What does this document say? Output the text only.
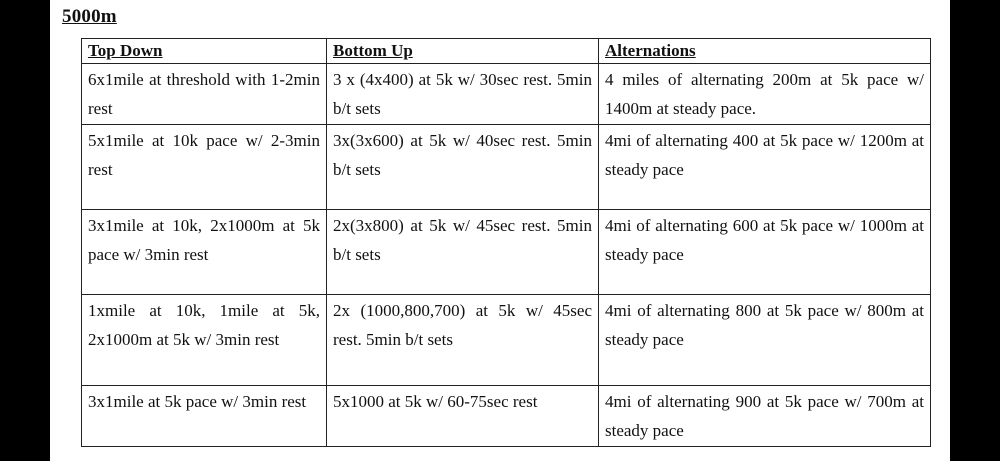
5000m
Top Down	Bottom Up	Alternations
6x1mile at threshold with 1-2min rest	3 x (4x400) at 5k w/ 30sec rest. 5min b/t sets	4 miles of alternating 200m at 5k pace w/ 1400m at steady pace.
5x1mile at 10k pace w/ 2-3min rest	3x(3x600) at 5k w/ 40sec rest. 5min b/t sets	4mi of alternating 400 at 5k pace w/ 1200m at steady pace
3x1mile at 10k, 2x1000m at 5k pace w/ 3min rest	2x(3x800) at 5k w/ 45sec rest. 5min b/t sets	4mi of alternating 600 at 5k pace w/ 1000m at steady pace
1xmile at 10k, 1mile at 5k, 2x1000m at 5k w/ 3min rest	2x (1000,800,700) at 5k w/ 45sec rest. 5min b/t sets	4mi of alternating 800 at 5k pace w/ 800m at steady pace
3x1mile at 5k pace w/ 3min rest	5x1000 at 5k w/ 60-75sec rest	4mi of alternating 900 at 5k pace w/ 700m at steady pace
